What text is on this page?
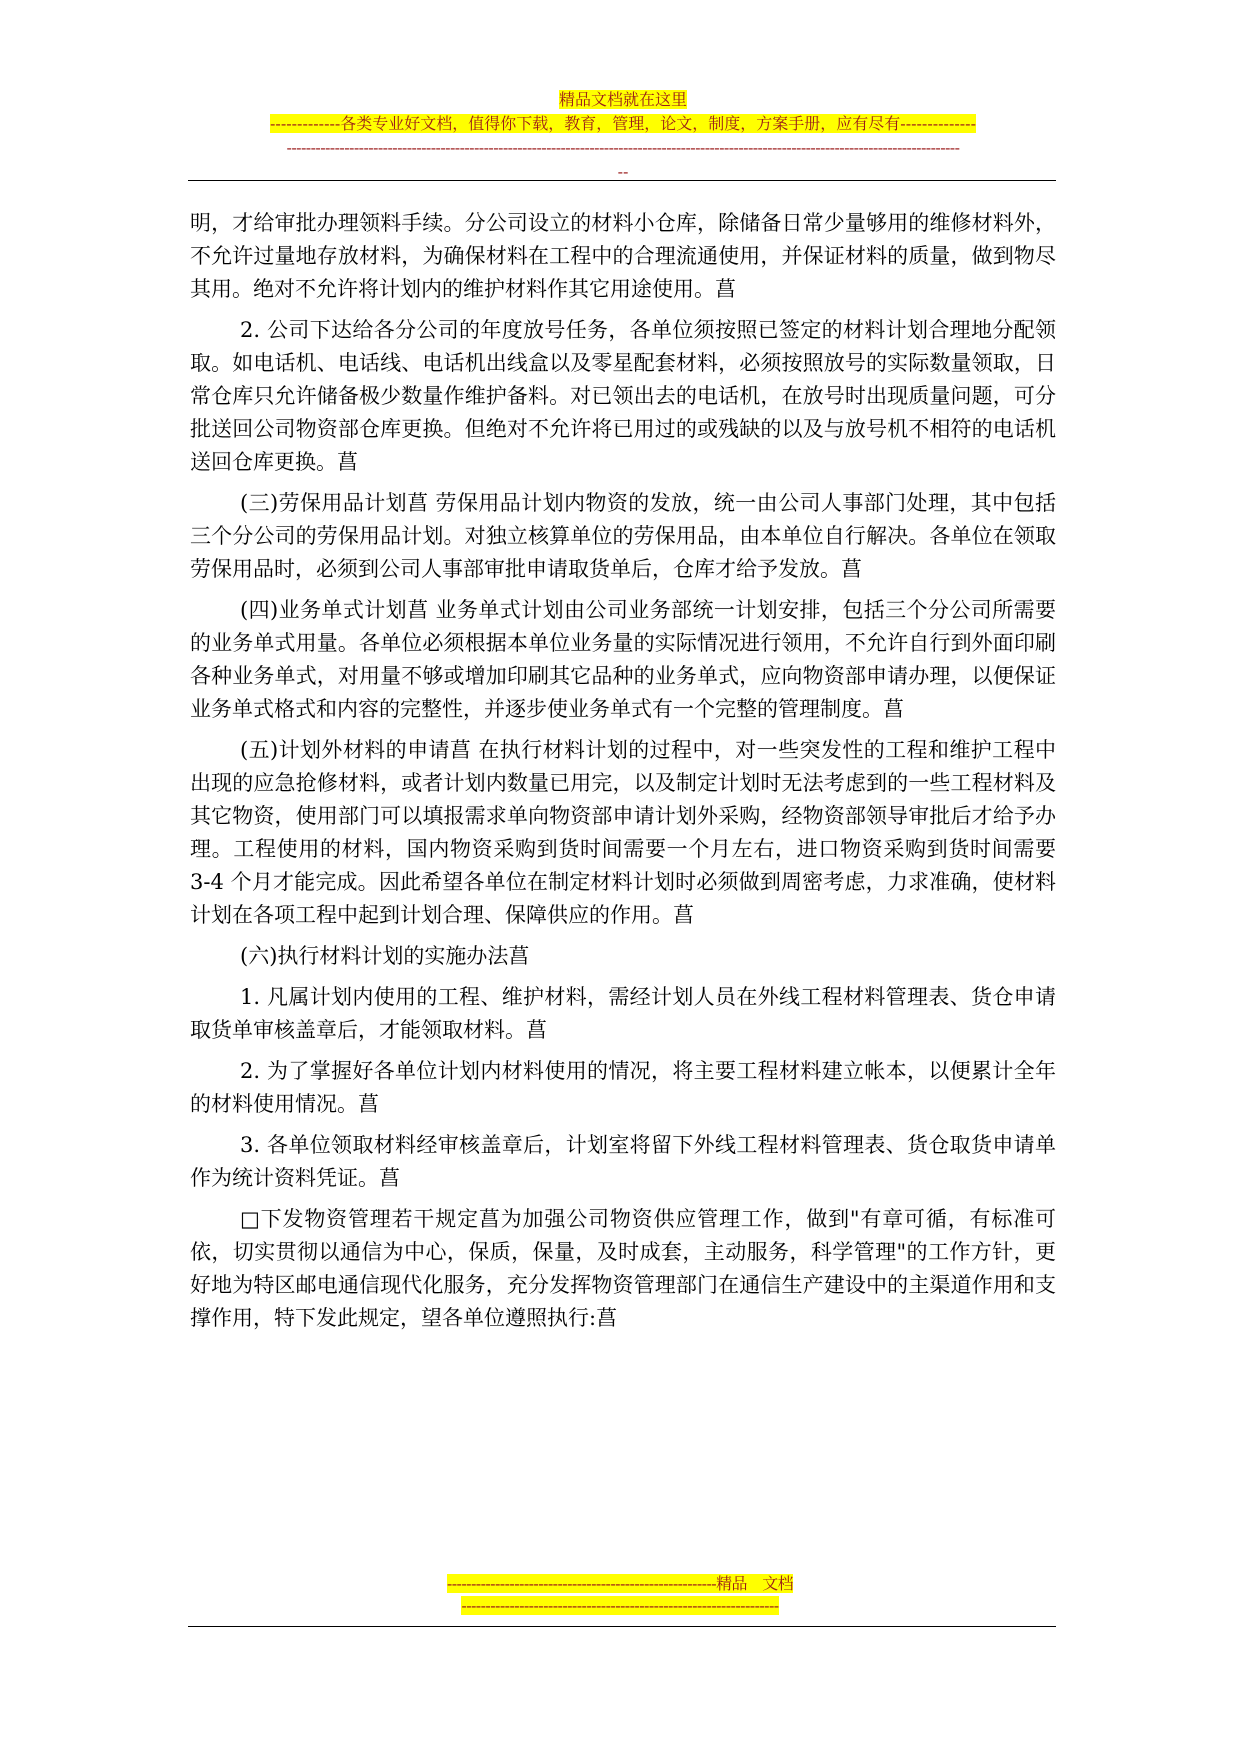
精品文档就在这里
-------------各类专业好文档，值得你下载，教育，管理，论文，制度，方案手册，应有尽有--------------
--------------------------------------------------------------------------------------------------------------------------------------------
--

明，才给审批办理领料手续。分公司设立的材料小仓库，除储备日常少量够用的维修材料外，不允许过量地存放材料，为确保材料在工程中的合理流通使用，并保证材料的质量，做到物尽其用。绝对不允许将计划内的维护材料作其它用途使用。菖

2. 公司下达给各分公司的年度放号任务，各单位须按照已签定的材料计划合理地分配领取。如电话机、电话线、电话机出线盒以及零星配套材料，必须按照放号的实际数量领取，日常仓库只允许储备极少数量作维护备料。对已领出去的电话机，在放号时出现质量问题，可分批送回公司物资部仓库更换。但绝对不允许将已用过的或残缺的以及与放号机不相符的电话机送回仓库更换。菖

(三)劳保用品计划菖 劳保用品计划内物资的发放，统一由公司人事部门处理，其中包括三个分公司的劳保用品计划。对独立核算单位的劳保用品，由本单位自行解决。各单位在领取劳保用品时，必须到公司人事部审批申请取货单后，仓库才给予发放。菖

(四)业务单式计划菖 业务单式计划由公司业务部统一计划安排，包括三个分公司所需要的业务单式用量。各单位必须根据本单位业务量的实际情况进行领用，不允许自行到外面印刷各种业务单式，对用量不够或增加印刷其它品种的业务单式，应向物资部申请办理，以便保证业务单式格式和内容的完整性，并逐步使业务单式有一个完整的管理制度。菖

(五)计划外材料的申请菖 在执行材料计划的过程中，对一些突发性的工程和维护工程中出现的应急抢修材料，或者计划内数量已用完，以及制定计划时无法考虑到的一些工程材料及其它物资，使用部门可以填报需求单向物资部申请计划外采购，经物资部领导审批后才给予办理。工程使用的材料，国内物资采购到货时间需要一个月左右，进口物资采购到货时间需要 3-4 个月才能完成。因此希望各单位在制定材料计划时必须做到周密考虑，力求准确，使材料计划在各项工程中起到计划合理、保障供应的作用。菖

(六)执行材料计划的实施办法菖

1. 凡属计划内使用的工程、维护材料，需经计划人员在外线工程材料管理表、货仓申请取货单审核盖章后，才能领取材料。菖

2. 为了掌握好各单位计划内材料使用的情况，将主要工程材料建立帐本，以便累计全年的材料使用情况。菖

3. 各单位领取材料经审核盖章后，计划室将留下外线工程材料管理表、货仓取货申请单作为统计资料凭证。菖

□下发物资管理若干规定菖为加强公司物资供应管理工作，做到"有章可循，有标准可依，切实贯彻以通信为中心，保质，保量，及时成套，主动服务，科学管理"的工作方针，更好地为特区邮电通信现代化服务，充分发挥物资管理部门在通信生产建设中的主渠道作用和支撑作用，特下发此规定，望各单位遵照执行:菖

--------------------------------------------------------精品　文档
------------------------------------------------------------------
